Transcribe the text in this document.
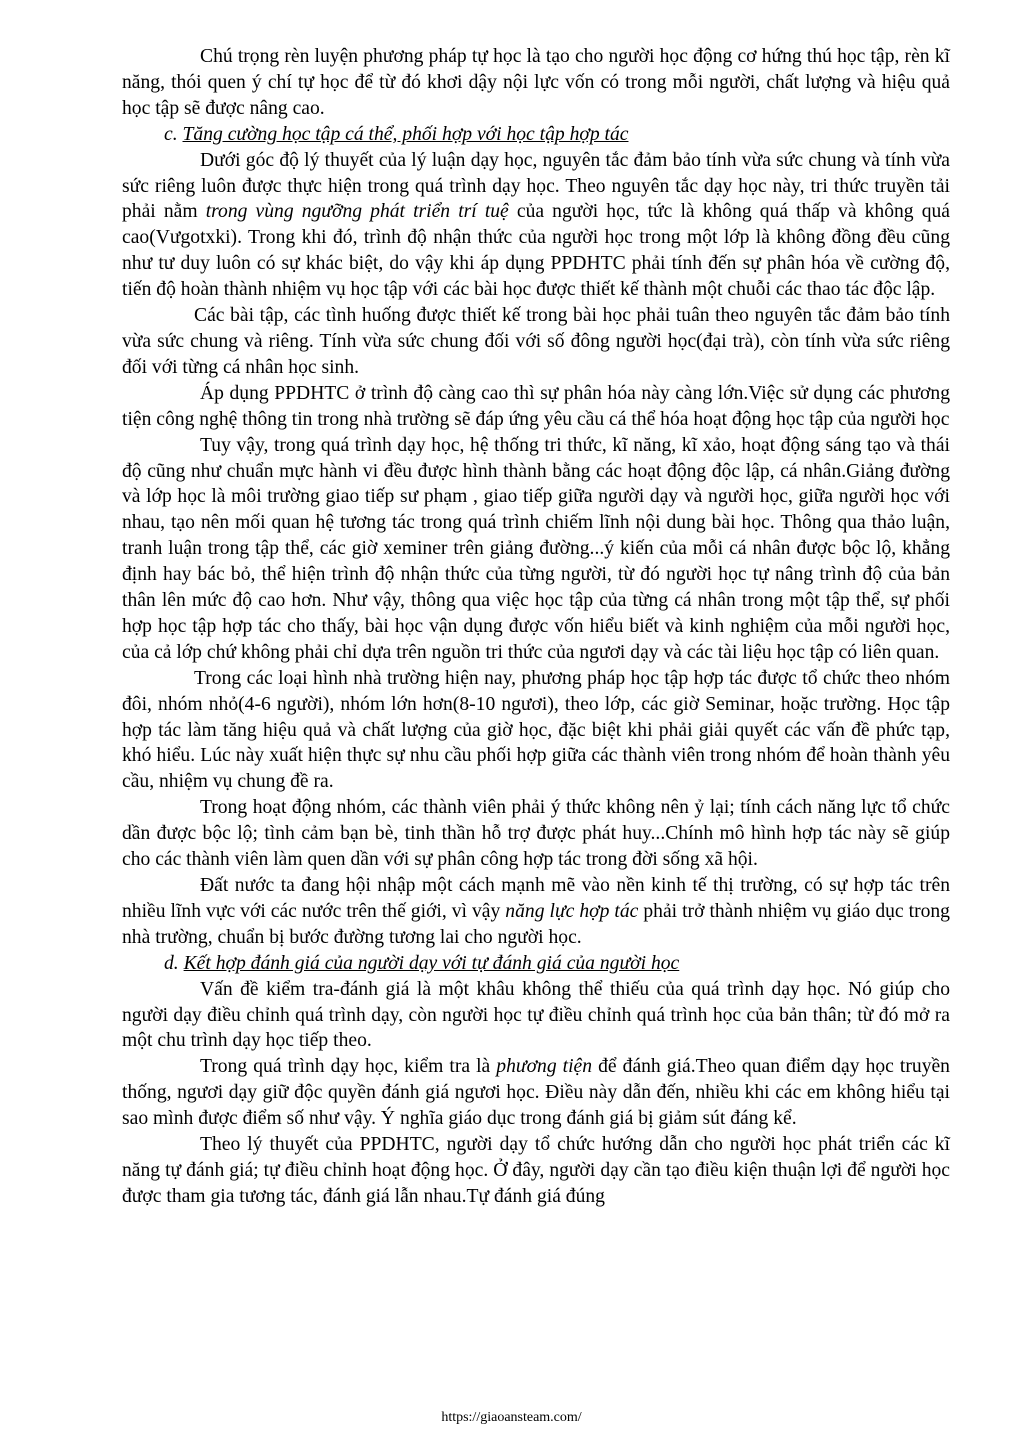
Chú trọng rèn luyện phương pháp tự học là tạo cho người học động cơ hứng thú học tập, rèn kĩ năng, thói quen ý chí tự học để từ đó khơi dậy nội lực vốn có trong mỗi người, chất lượng và hiệu quả học tập sẽ được nâng cao.

c. Tăng cường học tập cá thể, phối hợp với học tập hợp tác

Dưới góc độ lý thuyết của lý luận dạy học, nguyên tắc đảm bảo tính vừa sức chung và tính vừa sức riêng luôn được thực hiện trong quá trình dạy học. Theo nguyên tắc dạy học này, tri thức truyền tải phải nằm trong vùng ngưỡng phát triển trí tuệ của người học, tức là không quá thấp và không quá cao(Vưgotxki). Trong khi đó, trình độ nhận thức của người học trong một lớp là không đồng đều cũng như tư duy luôn có sự khác biệt, do vậy khi áp dụng PPDHTC phải tính đến sự phân hóa về cường độ, tiến độ hoàn thành nhiệm vụ học tập với các bài học được thiết kế thành một chuỗi các thao tác độc lập.

Các bài tập, các tình huống được thiết kế trong bài học phải tuân theo nguyên tắc đảm bảo tính vừa sức chung và riêng. Tính vừa sức chung đối với số đông người học(đại trà), còn tính vừa sức riêng đối với từng cá nhân học sinh.

Áp dụng PPDHTC ở trình độ càng cao thì sự phân hóa này càng lớn.Việc sử dụng các phương tiện công nghệ thông tin trong nhà trường sẽ đáp ứng yêu cầu cá thể hóa hoạt động học tập của người học

Tuy vậy, trong quá trình dạy học, hệ thống tri thức, kĩ năng, kĩ xảo, hoạt động sáng tạo và thái độ cũng như chuẩn mực hành vi đều được hình thành bằng các hoạt động độc lập, cá nhân.Giảng đường và lớp học là môi trường giao tiếp sư phạm , giao tiếp giữa người dạy và người học, giữa người học với nhau, tạo nên mối quan hệ tương tác trong quá trình chiếm lĩnh nội dung bài học. Thông qua thảo luận, tranh luận trong tập thể, các giờ xeminer trên giảng đường...ý kiến của mỗi cá nhân được bộc lộ, khẳng định hay bác bỏ, thể hiện trình độ nhận thức của từng người, từ đó người học tự nâng trình độ của bản thân lên mức độ cao hơn. Như vậy, thông qua việc học tập của từng cá nhân trong một tập thể, sự phối hợp học tập hợp tác cho thấy, bài học vận dụng được vốn hiểu biết và kinh nghiệm của mỗi người học, của cả lớp chứ không phải chỉ dựa trên nguồn tri thức của ngươi dạy và các tài liệu học tập có liên quan.

Trong các loại hình nhà trường hiện nay, phương pháp học tập hợp tác được tổ chức theo nhóm đôi, nhóm nhỏ(4-6 người), nhóm lớn hơn(8-10 ngươi), theo lớp, các giờ Seminar, hoặc trường. Học tập hợp tác làm tăng hiệu quả và chất lượng của giờ học, đặc biệt khi phải giải quyết các vấn đề phức tạp, khó hiểu. Lúc này xuất hiện thực sự nhu cầu phối hợp giữa các thành viên trong nhóm để hoàn thành yêu cầu, nhiệm vụ chung đề ra.

Trong hoạt động nhóm, các thành viên phải ý thức không nên ỷ lại; tính cách năng lực tổ chức dần được bộc lộ; tình cảm bạn bè, tinh thần hỗ trợ được phát huy...Chính mô hình hợp tác này sẽ giúp cho các thành viên làm quen dần với sự phân công hợp tác trong đời sống xã hội.

Đất nước ta đang hội nhập một cách mạnh mẽ vào nền kinh tế thị trường, có sự hợp tác trên nhiều lĩnh vực với các nước trên thế giới, vì vậy năng lực hợp tác phải trở thành nhiệm vụ giáo dục trong nhà trường, chuẩn bị bước đường tương lai cho người học.

d. Kết hợp đánh giá của người dạy với tự đánh giá của người học

Vấn đề kiểm tra-đánh giá là một khâu không thể thiếu của quá trình dạy học. Nó giúp cho người dạy điều chỉnh quá trình dạy, còn người học tự điều chỉnh quá trình học của bản thân; từ đó mở ra một chu trình dạy học tiếp theo.

Trong quá trình dạy học, kiểm tra là phương tiện để đánh giá.Theo quan điểm dạy học truyền thống, ngươi dạy giữ độc quyền đánh giá ngươi học. Điều này dẫn đến, nhiều khi các em không hiểu tại sao mình được điểm số như vậy. Ý nghĩa giáo dục trong đánh giá bị giảm sút đáng kể.

Theo lý thuyết của PPDHTC, người dạy tổ chức hướng dẫn cho người học phát triển các kĩ năng tự đánh giá; tự điều chỉnh hoạt động học. Ở đây, người dạy cần tạo điều kiện thuận lợi để người học được tham gia tương tác, đánh giá lẫn nhau.Tự đánh giá đúng

https://giaoansteam.com/
